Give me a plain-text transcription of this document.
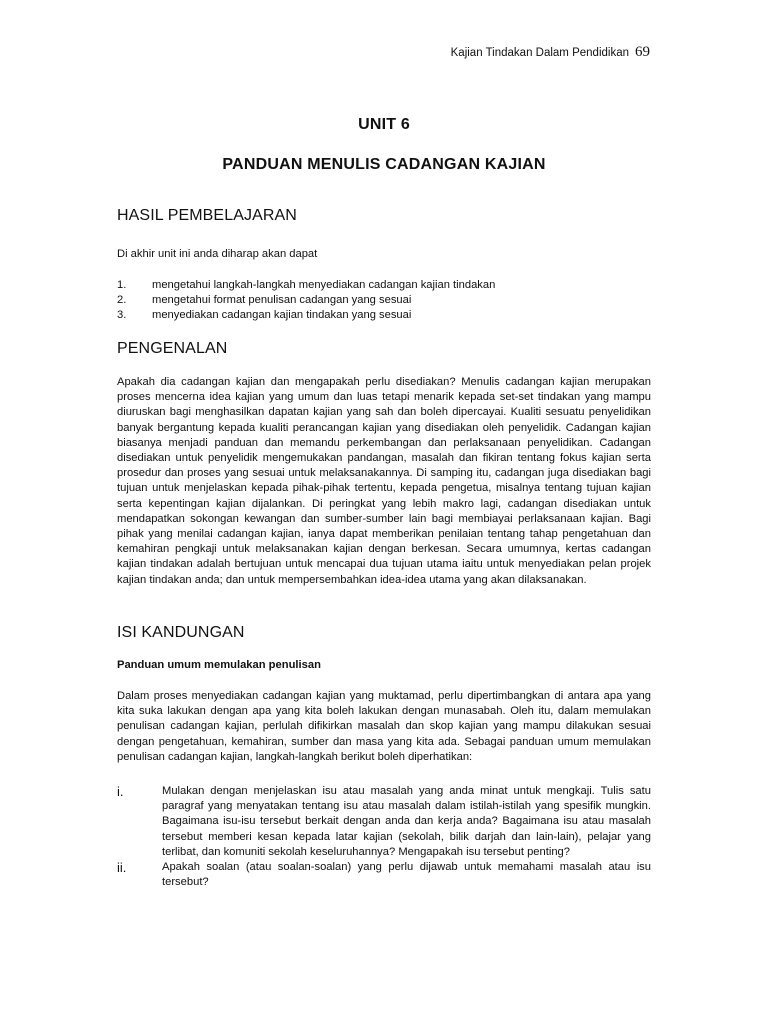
Kajian Tindakan Dalam Pendidikan 69
UNIT 6
PANDUAN MENULIS CADANGAN KAJIAN
HASIL PEMBELAJARAN

Di akhir unit ini anda diharap akan dapat

1.	mengetahui langkah-langkah menyediakan cadangan kajian tindakan
2.	mengetahui format penulisan cadangan yang sesuai
3.	menyediakan cadangan kajian tindakan yang sesuai
PENGENALAN

Apakah dia cadangan kajian dan mengapakah perlu disediakan? Menulis cadangan kajian merupakan proses mencerna idea kajian yang umum dan luas tetapi menarik kepada set-set tindakan yang mampu diuruskan bagi menghasilkan dapatan kajian yang sah dan boleh dipercayai. Kualiti sesuatu penyelidikan banyak bergantung kepada kualiti perancangan kajian yang disediakan oleh penyelidik. Cadangan kajian biasanya menjadi panduan dan memandu perkembangan dan perlaksanaan penyelidikan. Cadangan disediakan untuk penyelidik mengemukakan pandangan, masalah dan fikiran tentang fokus kajian serta prosedur dan proses yang sesuai untuk melaksanakannya. Di samping itu, cadangan juga disediakan bagi tujuan untuk menjelaskan kepada pihak-pihak tertentu, kepada pengetua, misalnya tentang tujuan kajian serta kepentingan kajian dijalankan. Di peringkat yang lebih makro lagi, cadangan disediakan untuk mendapatkan sokongan kewangan dan sumber-sumber lain bagi membiayai perlaksanaan kajian. Bagi pihak yang menilai cadangan kajian, ianya dapat memberikan penilaian tentang tahap pengetahuan dan kemahiran pengkaji untuk melaksanakan kajian dengan berkesan. Secara umumnya, kertas cadangan kajian tindakan adalah bertujuan untuk mencapai dua tujuan utama iaitu untuk menyediakan pelan projek kajian tindakan anda; dan untuk mempersembahkan idea-idea utama yang akan dilaksanakan.

ISI KANDUNGAN
Panduan umum memulakan penulisan

Dalam proses menyediakan cadangan kajian yang muktamad, perlu dipertimbangkan di antara apa yang kita suka lakukan dengan apa yang kita boleh lakukan dengan munasabah. Oleh itu, dalam memulakan penulisan cadangan kajian, perlulah difikirkan masalah dan skop kajian yang mampu dilakukan sesuai dengan pengetahuan, kemahiran, sumber dan masa yang kita ada. Sebagai panduan umum memulakan penulisan cadangan kajian, langkah-langkah berikut boleh diperhatikan:

i.	Mulakan dengan menjelaskan isu atau masalah yang anda minat untuk mengkaji. Tulis satu paragraf yang menyatakan tentang isu atau masalah dalam istilah-istilah yang spesifik mungkin. Bagaimana isu-isu tersebut berkait dengan anda dan kerja anda? Bagaimana isu atau masalah tersebut memberi kesan kepada latar kajian (sekolah, bilik darjah dan lain-lain), pelajar yang terlibat, dan komuniti sekolah keseluruhannya? Mengapakah isu tersebut penting?
ii.	Apakah soalan (atau soalan-soalan) yang perlu dijawab untuk memahami masalah atau isu tersebut?
